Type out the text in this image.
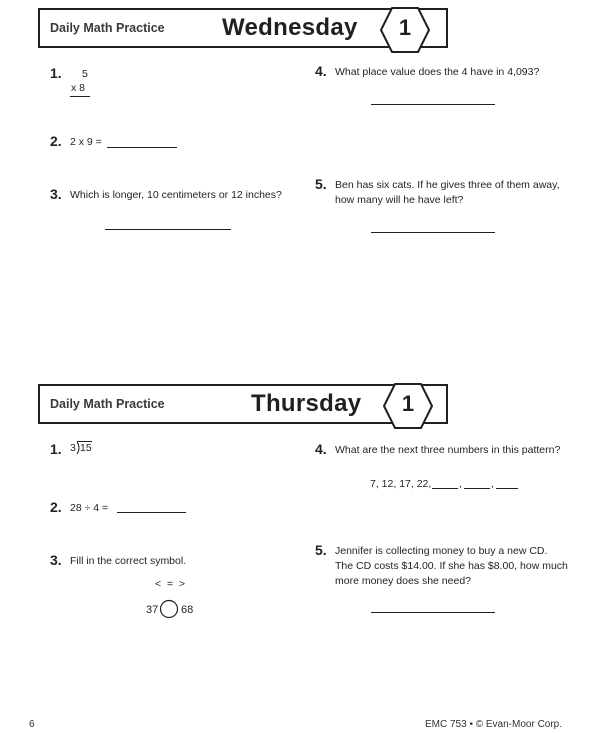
Daily Math Practice Wednesday	1
1. 5
x 8
2. 2 x 9 =
3. Which is longer, 10 centimeters or 12 inches?
4. What place value does the 4 have in 4,093?
5. Ben has six cats. If he gives three of them away,
how many will he have left?
Daily Math Practice	Thursday	1
1. 3 15
2. 28 ÷ 4 =
3. Fill in the correct symbol.
<  =  >
37 68
4. What are the next three numbers in this pattern?
7, 12, 17, 22,	,	,
5. Jennifer is collecting money to buy a new CD.
The CD costs $14.00. If she has $8.00, how much
more money does she need?
6	EMC 753 • © Evan-Moor Corp.
